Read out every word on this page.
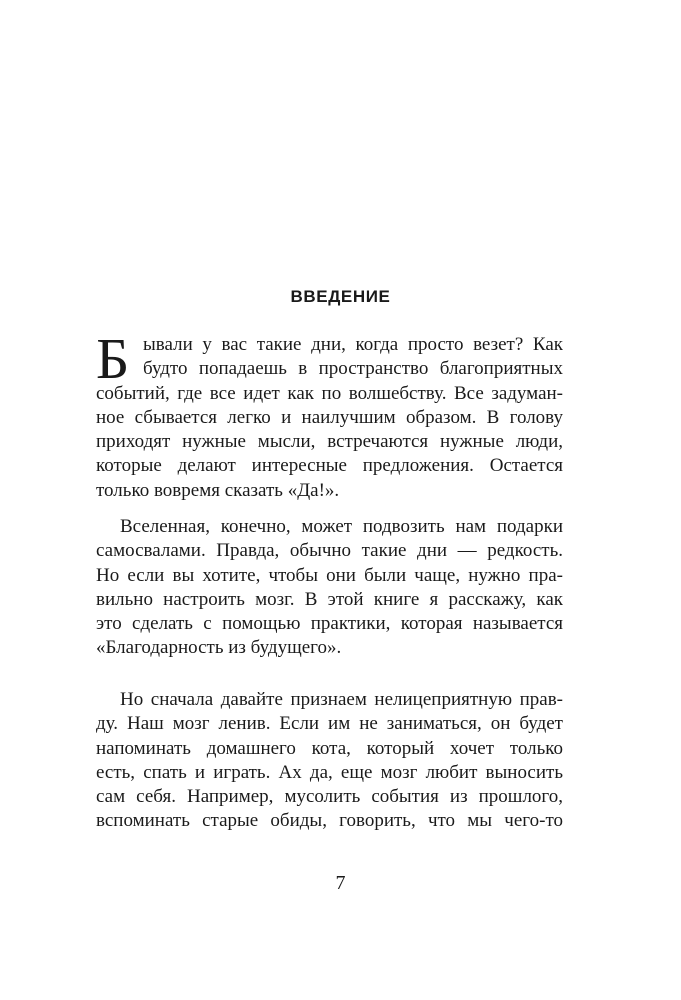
ВВЕДЕНИЕ
Б ывали у вас такие дни, когда просто везет? Как
будто попадаешь в пространство благоприятных
событий, где все идет как по волшебству. Все задуман-
ное сбывается легко и наилучшим образом. В голову
приходят нужные мысли, встречаются нужные люди,
которые делают интересные предложения. Остается
только вовремя сказать «Да!».
Вселенная, конечно, может подвозить нам подарки
самосвалами. Правда, обычно такие дни — редкость.
Но если вы хотите, чтобы они были чаще, нужно пра-
вильно настроить мозг. В этой книге я расскажу, как
это сделать с помощью практики, которая называется
«Благодарность из будущего».
Но сначала давайте признаем нелицеприятную прав-
ду. Наш мозг ленив. Если им не заниматься, он будет
напоминать домашнего кота, который хочет только
есть, спать и играть. Ах да, еще мозг любит выносить
сам себя. Например, мусолить события из прошлого,
вспоминать старые обиды, говорить, что мы чего-то

7
